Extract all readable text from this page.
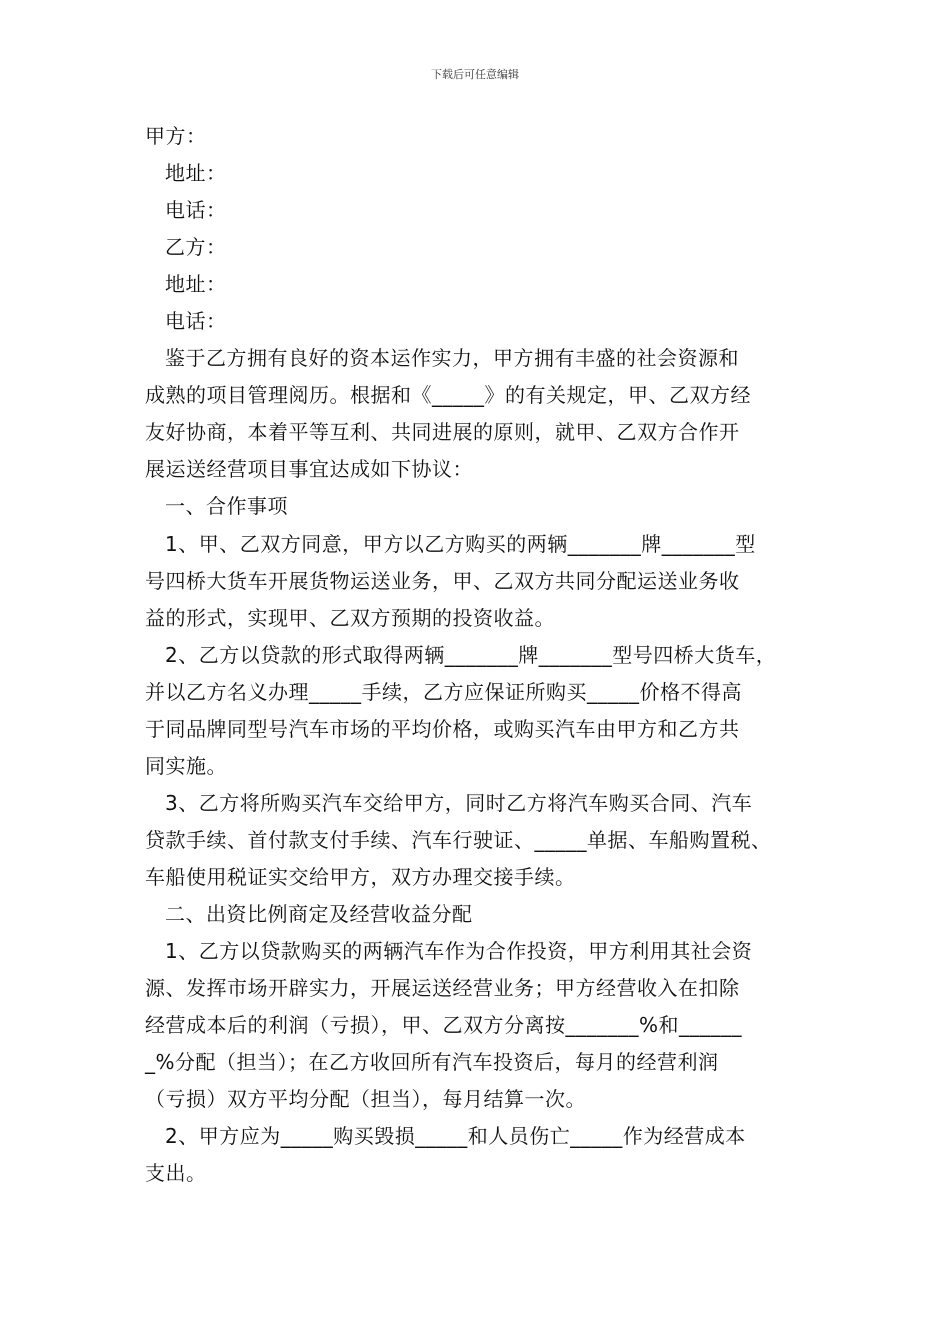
下载后可任意编辑
甲方：
地址：
电话：
乙方：
地址：
电话：
鉴于乙方拥有良好的资本运作实力，甲方拥有丰盛的社会资源和
成熟的项目管理阅历。根据和《_____》的有关规定，甲、乙双方经
友好协商，本着平等互利、共同进展的原则，就甲、乙双方合作开
展运送经营项目事宜达成如下协议：
一、合作事项
1、甲、乙双方同意，甲方以乙方购买的两辆_______牌_______型
号四桥大货车开展货物运送业务，甲、乙双方共同分配运送业务收
益的形式，实现甲、乙双方预期的投资收益。
2、乙方以贷款的形式取得两辆_______牌_______型号四桥大货车，
并以乙方名义办理_____手续，乙方应保证所购买_____价格不得高
于同品牌同型号汽车市场的平均价格，或购买汽车由甲方和乙方共
同实施。
3、乙方将所购买汽车交给甲方，同时乙方将汽车购买合同、汽车
贷款手续、首付款支付手续、汽车行驶证、_____单据、车船购置税、
车船使用税证实交给甲方，双方办理交接手续。
二、出资比例商定及经营收益分配
1、乙方以贷款购买的两辆汽车作为合作投资，甲方利用其社会资
源、发挥市场开辟实力，开展运送经营业务；甲方经营收入在扣除
经营成本后的利润（亏损），甲、乙双方分离按_______%和______
_%分配（担当）；在乙方收回所有汽车投资后，每月的经营利润
（亏损）双方平均分配（担当），每月结算一次。
2、甲方应为_____购买毁损_____和人员伤亡_____作为经营成本
支出。
